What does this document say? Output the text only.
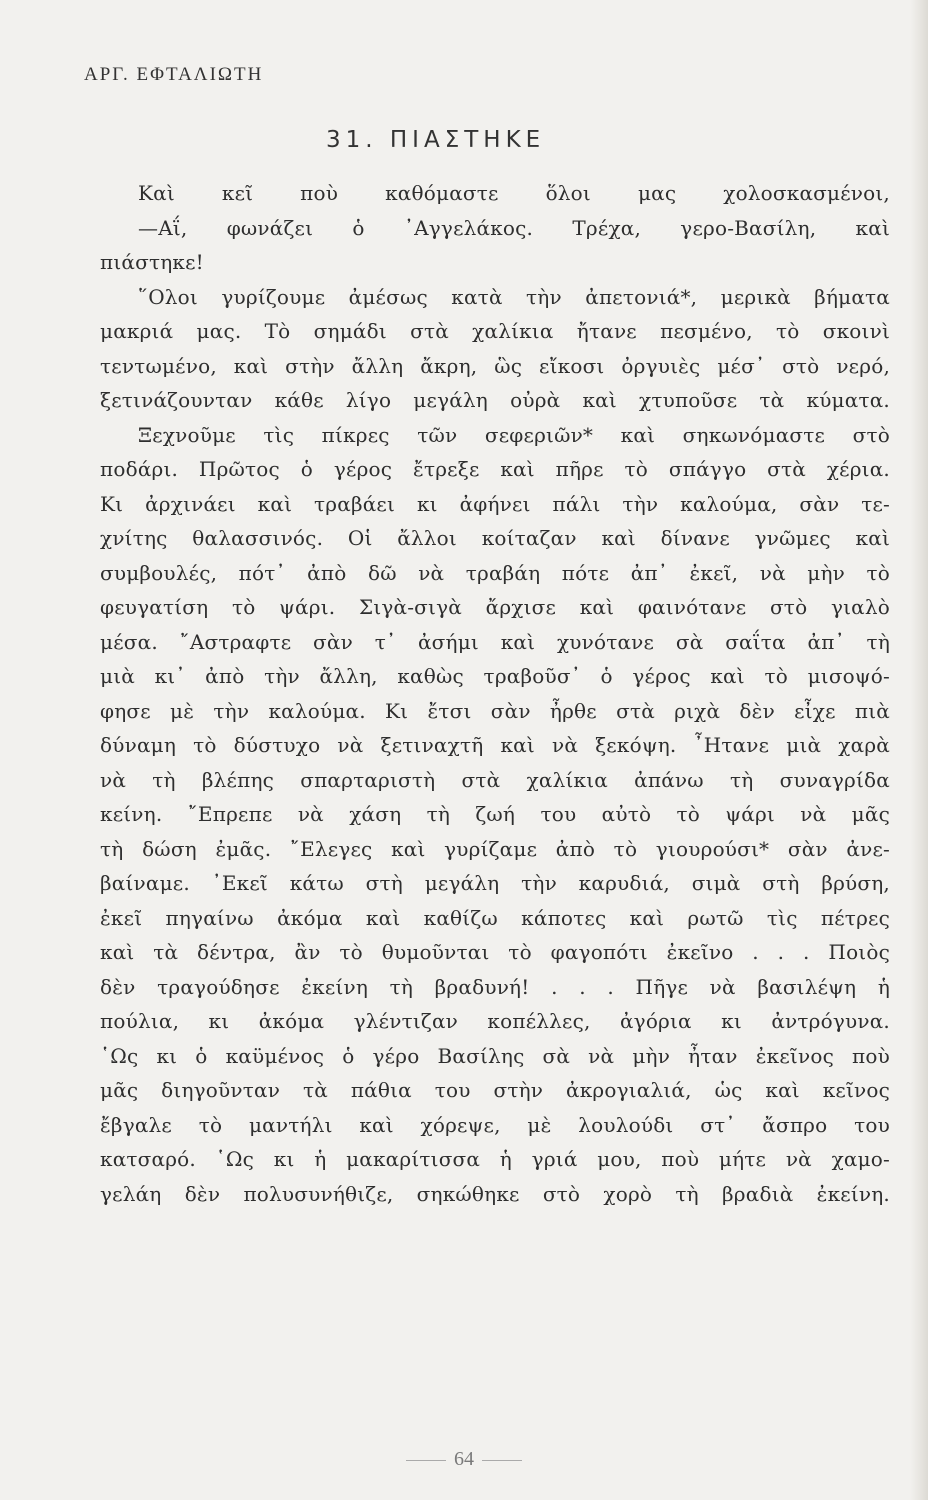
ΑΡΓ. ΕΦΤΑΛΙΩΤΗ
31. ΠΙΑΣΤΗΚΕ
Καὶ κεῖ ποὺ καθόμαστε ὅλοι μας χολοσκασμένοι,
—Αΐ, φωνάζει ὁ ᾿Αγγελάκος. Τρέχα, γερο-Βασίλη, καὶ
πιάστηκε!
῞Ολοι γυρίζουμε ἀμέσως κατὰ τὴν ἀπετονιά*, μερικὰ βήματα
μακριά μας. Τὸ σημάδι στὰ χαλίκια ἤτανε πεσμένο, τὸ σκοινὶ
τεντωμένο, καὶ στὴν ἄλλη ἄκρη, ὣς εἴκοσι ὀργυιὲς μέσ᾿ στὸ νερό,
ξετινάζουνταν κάθε λίγο μεγάλη οὐρὰ καὶ χτυποῦσε τὰ κύματα.
Ξεχνοῦμε τὶς πίκρες τῶν σεφεριῶν* καὶ σηκωνόμαστε στὸ
ποδάρι. Πρῶτος ὁ γέρος ἔτρεξε καὶ πῆρε τὸ σπάγγο στὰ χέρια.
Κι ἀρχινάει καὶ τραβάει κι ἀφήνει πάλι τὴν καλούμα, σὰν τε-
χνίτης θαλασσινός. Οἱ ἄλλοι κοίταζαν καὶ δίνανε γνῶμες καὶ
συμβουλές, πότ᾿ ἀπὸ δῶ νὰ τραβάη πότε ἀπ᾿ ἐκεῖ, νὰ μὴν τὸ
φευγατίση τὸ ψάρι. Σιγὰ-σιγὰ ἄρχισε καὶ φαινότανε στὸ γιαλὸ
μέσα. ῎Αστραφτε σὰν τ᾿ ἀσήμι καὶ χυνότανε σὰ σαΐτα ἀπ᾿ τὴ
μιὰ κι᾿ ἀπὸ τὴν ἄλλη, καθὼς τραβοῦσ᾿ ὁ γέρος καὶ τὸ μισοψό-
φησε μὲ τὴν καλούμα. Κι ἔτσι σὰν ἦρθε στὰ ριχὰ δὲν εἶχε πιὰ
δύναμη τὸ δύστυχο νὰ ξετιναχτῆ καὶ νὰ ξεκόψη. ῏Ητανε μιὰ χαρὰ
νὰ τὴ βλέπης σπαρταριστὴ στὰ χαλίκια ἀπάνω τὴ συναγρίδα
κείνη. ῎Επρεπε νὰ χάση τὴ ζωή του αὐτὸ τὸ ψάρι νὰ μᾶς
τὴ δώση ἐμᾶς. ῎Ελεγες καὶ γυρίζαμε ἀπὸ τὸ γιουρούσι* σὰν ἀνε-
βαίναμε. ᾿Εκεῖ κάτω στὴ μεγάλη τὴν καρυδιά, σιμὰ στὴ βρύση,
ἐκεῖ πηγαίνω ἀκόμα καὶ καθίζω κάποτες καὶ ρωτῶ τὶς πέτρες
καὶ τὰ δέντρα, ἂν τὸ θυμοῦνται τὸ φαγοπότι ἐκεῖνο . . . Ποιὸς
δὲν τραγούδησε ἐκείνη τὴ βραδυνή! . . . Πῆγε νὰ βασιλέψη ἡ
πούλια, κι ἀκόμα γλέντιζαν κοπέλλες, ἀγόρια κι ἀντρόγυνα.
῾Ως κι ὁ καϋμένος ὁ γέρο Βασίλης σὰ νὰ μὴν ἦταν ἐκεῖνος ποὺ
μᾶς διηγοῦνταν τὰ πάθια του στὴν ἀκρογιαλιά, ὡς καὶ κεῖνος
ἔβγαλε τὸ μαντήλι καὶ χόρεψε, μὲ λουλούδι στ᾿ ἄσπρο του
κατσαρό. ῾Ως κι ἡ μακαρίτισσα ἡ γριά μου, ποὺ μήτε νὰ χαμο-
γελάη δὲν πολυσυνήθιζε, σηκώθηκε στὸ χορὸ τὴ βραδιὰ ἐκείνη.
64
